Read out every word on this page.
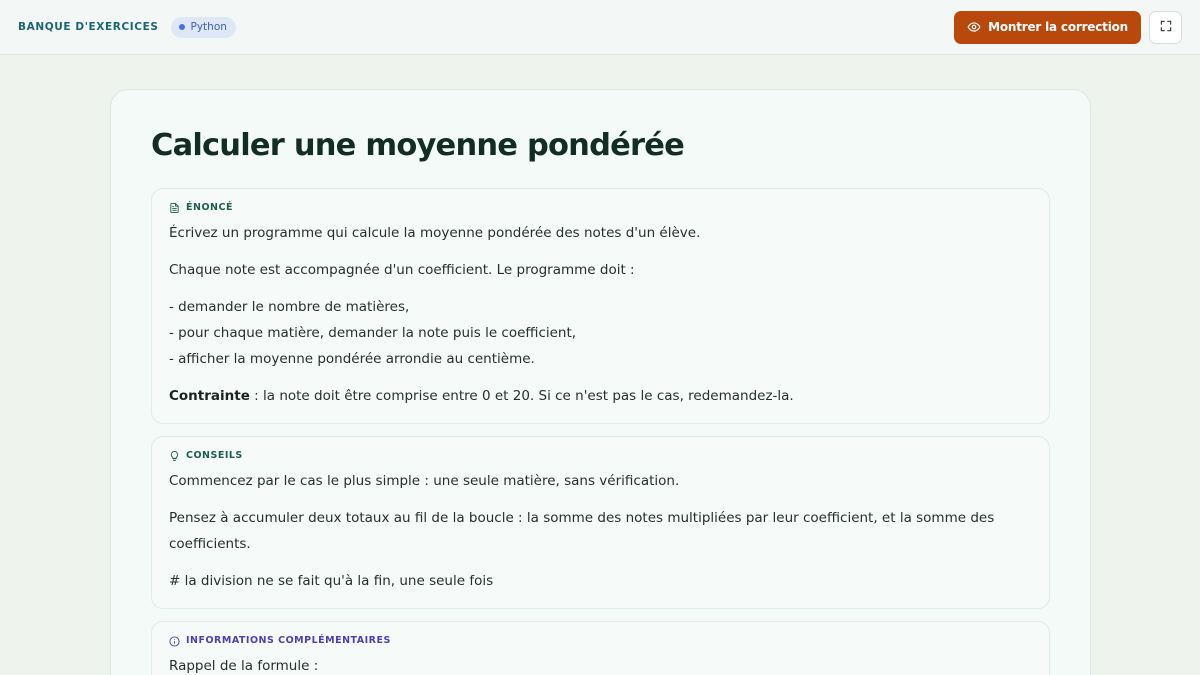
BANQUE D'EXERCICES	Python	Montrer la correction
Calculer une moyenne pondérée
ÉNONCÉ

Écrivez un programme qui calcule la moyenne pondérée des notes d'un élève.

Chaque note est accompagnée d'un coefficient. Le programme doit :

- demander le nombre de matières,
- pour chaque matière, demander la note puis le coefficient,
- afficher la moyenne pondérée arrondie au centième.

Contrainte : la note doit être comprise entre 0 et 20. Si ce n'est pas le cas, redemandez-la.

CONSEILS

Commencez par le cas le plus simple : une seule matière, sans vérification.

Pensez à accumuler deux totaux au fil de la boucle : la somme des notes multipliées par leur coefficient, et la somme des coefficients.

# la division ne se fait qu'à la fin, une seule fois

INFORMATIONS COMPLÉMENTAIRES

Rappel de la formule :
